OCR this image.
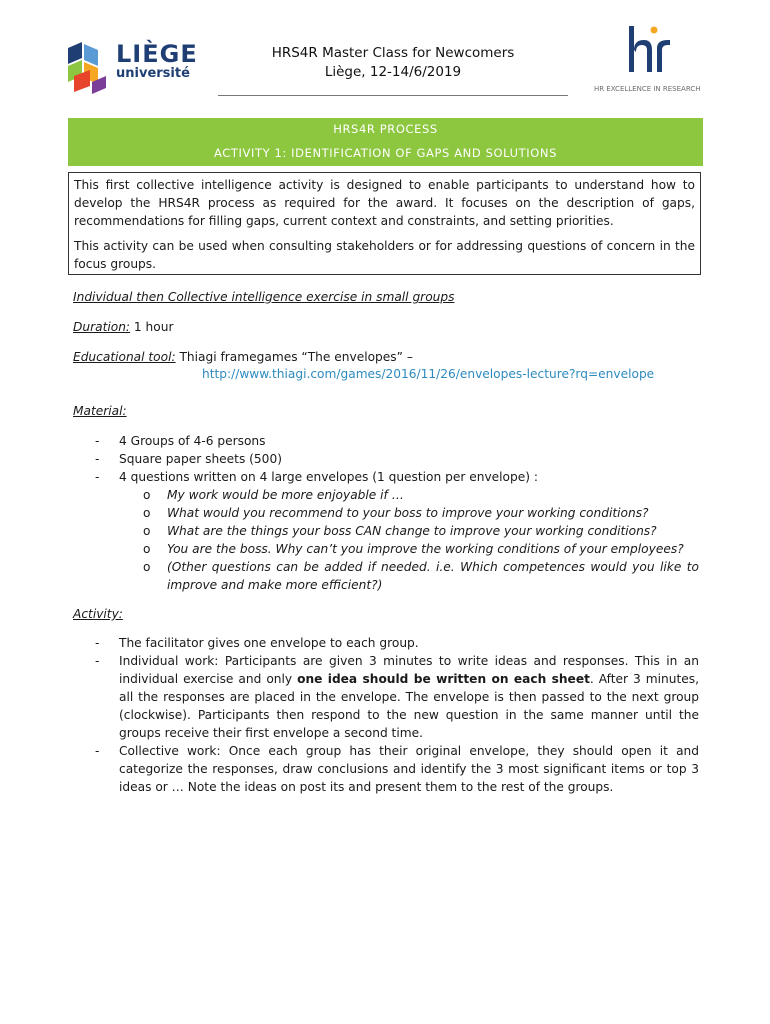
LIÈGE
université
HRS4R Master Class for Newcomers
Liège, 12-14/6/2019
HR EXCELLENCE IN RESEARCH
HRS4R PROCESS
ACTIVITY 1: IDENTIFICATION OF GAPS AND SOLUTIONS

This first collective intelligence activity is designed to enable participants to understand how to develop the HRS4R process as required for the award. It focuses on the description of gaps, recommendations for filling gaps, current context and constraints, and setting priorities.

This activity can be used when consulting stakeholders or for addressing questions of concern in the focus groups.

Individual then Collective intelligence exercise in small groups
Duration: 1 hour
Educational tool: Thiagi framegames “The envelopes” –
http://www.thiagi.com/games/2016/11/26/envelopes-lecture?rq=envelope
Material:
- 4 Groups of 4-6 persons
- Square paper sheets (500)
- 4 questions written on 4 large envelopes (1 question per envelope) :
o My work would be more enjoyable if …
o What would you recommend to your boss to improve your working conditions?
o What are the things your boss CAN change to improve your working conditions?
o You are the boss. Why can’t you improve the working conditions of your employees?
o (Other questions can be added if needed. i.e. Which competences would you like to improve and make more efficient?)
Activity:
- The facilitator gives one envelope to each group.
- Individual work: Participants are given 3 minutes to write ideas and responses. This in an individual exercise and only one idea should be written on each sheet. After 3 minutes, all the responses are placed in the envelope. The envelope is then passed to the next group (clockwise). Participants then respond to the new question in the same manner until the groups receive their first envelope a second time.
- Collective work: Once each group has their original envelope, they should open it and categorize the responses, draw conclusions and identify the 3 most significant items or top 3 ideas or … Note the ideas on post its and present them to the rest of the groups.
